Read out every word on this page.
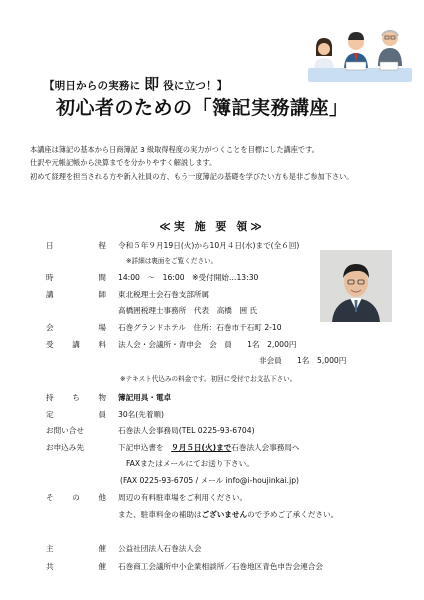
【明日からの実務に 即 役に立つ！】
初心者のための「簿記実務講座」

本講座は簿記の基本から日商簿記 3 級取得程度の実力がつくことを目標にした講座です。

仕訳や元帳記帳から決算までを分かりやすく解説します。

初めて経理を担当される方や新入社員の方、もう一度簿記の基礎を学びたい方も是非ご参加下さい。

≪実 施 要 領≫
日	程 令和５年９月19日(火)から10月４日(水)まで(全６回)
※詳細は裏面をご覧ください。
時	間 14:00　～　16:00　※受付開始…13:30
講	師 東北税理士会石巻支部所属
高橋囲税理士事務所　代表　高橋　囲 氏
会	場 石巻グランドホテル　住所：石巻市千石町 2-10
受 講 料 法人会・会議所・青申会　会　員　　1名　2,000円
非会員　　1名　5,000円
※テキスト代込みの料金です。初回に受付でお支払下さい。
持 ち 物 簿記用具・電卓
定	員 30名(先着順)
お問い合せ	石巻法人会事務局(TEL 0225-93-6704)
お申込み先	下記申込書を　９月５日(火)まで石巻法人会事務局へ
FAXまたはメールにてお送り下さい。
(FAX 0225-93-6705 / メール info@i-houjinkai.jp)
そ の 他 周辺の有料駐車場をご利用ください。
また、駐車料金の補助はございませんので予めご了承ください。
主	催 公益社団法人石巻法人会
共	催 石巻商工会議所中小企業相談所／石巻地区青色申告会連合会
